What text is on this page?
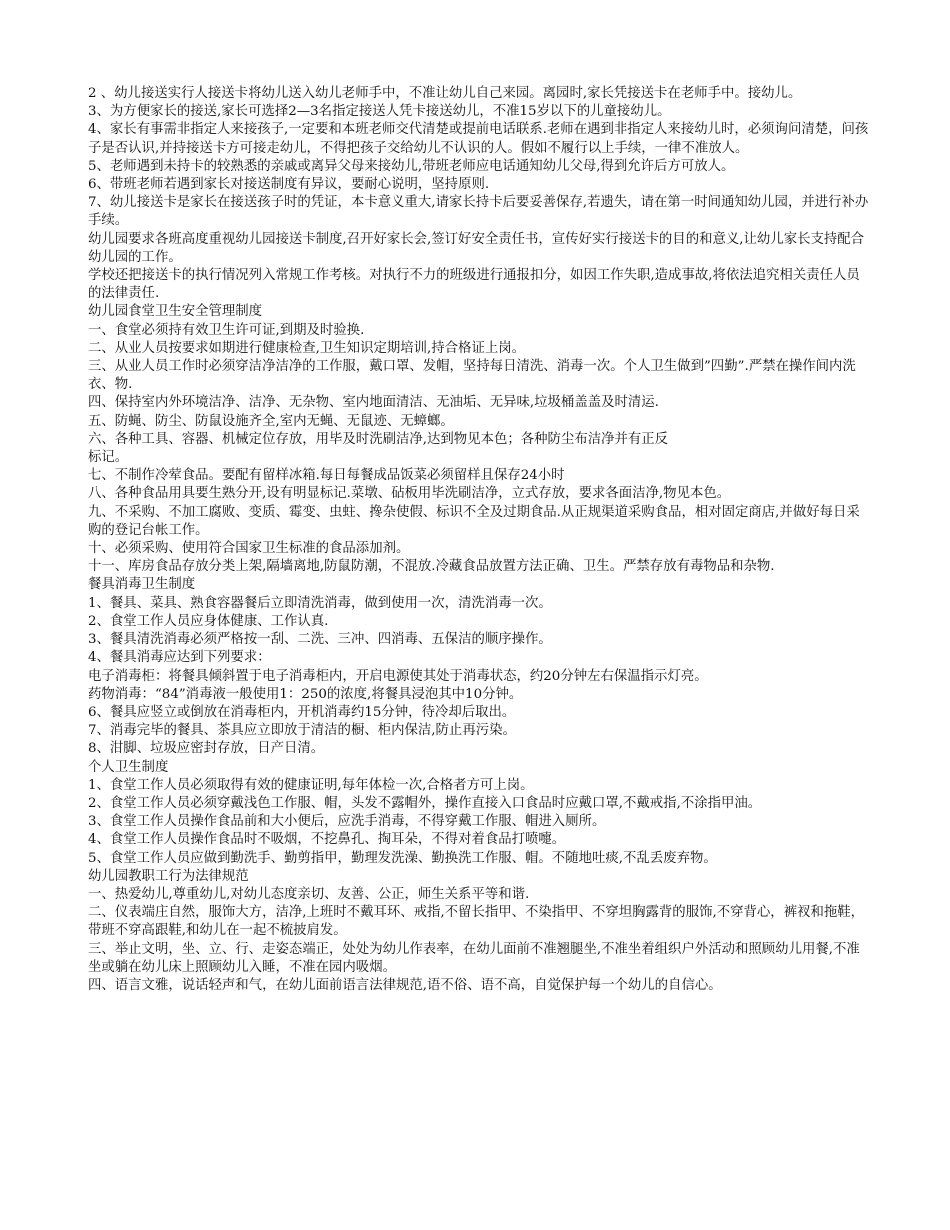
2 、幼儿接送实行人接送卡将幼儿送入幼儿老师手中，不准让幼儿自己来园。离园时,家长凭接送卡在老师手中。接幼儿。

3、为方便家长的接送,家长可选择2—3名指定接送人凭卡接送幼儿，不准15岁以下的儿童接幼儿。

4、家长有事需非指定人来接孩子,一定要和本班老师交代清楚或提前电话联系.老师在遇到非指定人来接幼儿时，必须询问清楚，问孩子是否认识,并持接送卡方可接走幼儿，不得把孩子交给幼儿不认识的人。假如不履行以上手续，一律不准放人。

5、老师遇到未持卡的较熟悉的亲戚或离异父母来接幼儿,带班老师应电话通知幼儿父母,得到允许后方可放人。

6、带班老师若遇到家长对接送制度有异议，要耐心说明，坚持原则.

7、幼儿接送卡是家长在接送孩子时的凭证，本卡意义重大,请家长持卡后要妥善保存,若遗失，请在第一时间通知幼儿园，并进行补办手续。

幼儿园要求各班高度重视幼儿园接送卡制度,召开好家长会,签订好安全责任书，宣传好实行接送卡的目的和意义,让幼儿家长支持配合幼儿园的工作。

学校还把接送卡的执行情况列入常规工作考核。对执行不力的班级进行通报扣分，如因工作失职,造成事故,将依法追究相关责任人员的法律责任.

幼儿园食堂卫生安全管理制度

一、食堂必须持有效卫生许可证,到期及时验换.

二、从业人员按要求如期进行健康检查,卫生知识定期培训,持合格证上岗。

三、从业人员工作时必须穿洁净洁净的工作服，戴口罩、发帽，坚持每日清洗、消毒一次。个人卫生做到”四勤”.严禁在操作间内洗衣、物.

四、保持室内外环境洁净、洁净、无杂物、室内地面清洁、无油垢、无异味,垃圾桶盖盖及时清运.

五、防蝇、防尘、防鼠设施齐全,室内无蝇、无鼠迹、无蟑螂。

六、各种工具、容器、机械定位存放，用毕及时洗刷洁净,达到物见本色；各种防尘布洁净并有正反

标记。

七、不制作冷荤食品。要配有留样冰箱.每日每餐成品饭菜必须留样且保存24小时

八、各种食品用具要生熟分开,设有明显标记.菜墩、砧板用毕洗刷洁净，立式存放，要求各面洁净,物见本色。

九、不采购、不加工腐败、变质、霉变、虫蛀、搀杂使假、标识不全及过期食品.从正规渠道采购食品，相对固定商店,并做好每日采购的登记台帐工作。

十、必须采购、使用符合国家卫生标准的食品添加剂。

十一、库房食品存放分类上架,隔墙离地,防鼠防潮，不混放.冷藏食品放置方法正确、卫生。严禁存放有毒物品和杂物.

餐具消毒卫生制度

1、餐具、菜具、熟食容器餐后立即清洗消毒，做到使用一次，清洗消毒一次。

2、食堂工作人员应身体健康、工作认真.

3、餐具清洗消毒必须严格按一刮、二洗、三冲、四消毒、五保洁的顺序操作。

4、餐具消毒应达到下列要求：

电子消毒柜：将餐具倾斜置于电子消毒柜内，开启电源使其处于消毒状态，约20分钟左右保温指示灯亮。

药物消毒：“84”消毒液一般使用1：250的浓度,将餐具浸泡其中10分钟。

6、餐具应竖立或倒放在消毒柜内，开机消毒约15分钟，待冷却后取出。

7、消毒完毕的餐具、茶具应立即放于清洁的橱、柜内保洁,防止再污染。

8、泔脚、垃圾应密封存放，日产日清。

个人卫生制度

1、食堂工作人员必须取得有效的健康证明,每年体检一次,合格者方可上岗。

2、食堂工作人员必须穿戴浅色工作服、帽，头发不露帽外，操作直接入口食品时应戴口罩,不戴戒指,不涂指甲油。

3、食堂工作人员操作食品前和大小便后，应洗手消毒，不得穿戴工作服、帽进入厕所。

4、食堂工作人员操作食品时不吸烟，不挖鼻孔、掏耳朵，不得对着食品打喷嚏。

5、食堂工作人员应做到勤洗手、勤剪指甲，勤理发洗澡、勤换洗工作服、帽。不随地吐痰,不乱丢废弃物。

幼儿园教职工行为法律规范

一、热爱幼儿,尊重幼儿,对幼儿态度亲切、友善、公正，师生关系平等和谐.

二、仪表端庄自然，服饰大方，洁净,上班时不戴耳环、戒指,不留长指甲、不染指甲、不穿坦胸露背的服饰,不穿背心，裤衩和拖鞋，带班不穿高跟鞋,和幼儿在一起不梳披肩发。

三、举止文明，坐、立、行、走姿态端正，处处为幼儿作表率，在幼儿面前不准翘腿坐,不准坐着组织户外活动和照顾幼儿用餐,不准坐或躺在幼儿床上照顾幼儿入睡，不准在园内吸烟。

四、语言文雅，说话轻声和气，在幼儿面前语言法律规范,语不俗、语不高，自觉保护每一个幼儿的自信心。
